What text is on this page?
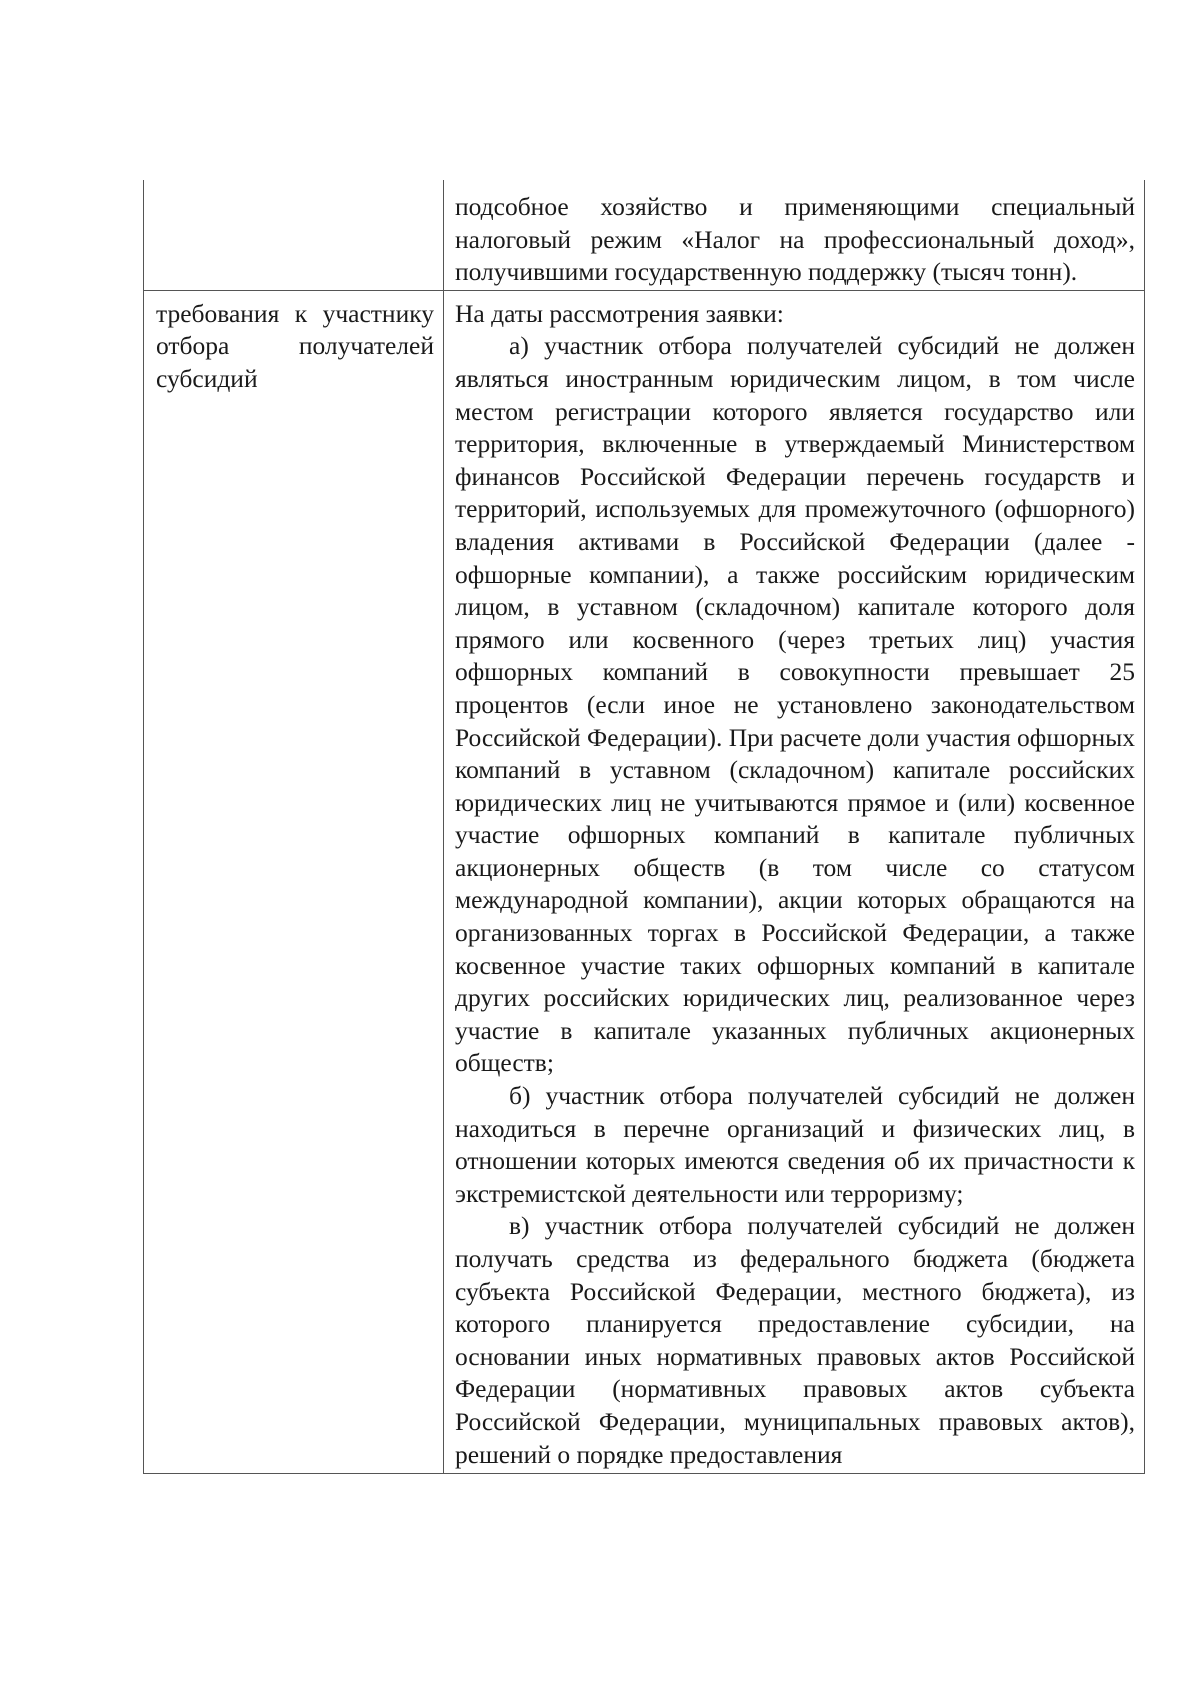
	подсобное хозяйство и применяющими специальный налоговый режим «Налог на профессиональный доход», получившими государственную поддержку (тысяч тонн).

требования к участнику отбора получателей субсидий	На даты рассмотрения заявки:

а) участник отбора получателей субсидий не должен являться иностранным юридическим лицом, в том числе местом регистрации которого является государство или территория, включенные в утверждаемый Министерством финансов Российской Федерации перечень государств и территорий, используемых для промежуточного (офшорного) владения активами в Российской Федерации (далее - офшорные компании), а также российским юридическим лицом, в уставном (складочном) капитале которого доля прямого или косвенного (через третьих лиц) участия офшорных компаний в совокупности превышает 25 процентов (если иное не установлено законодательством Российской Федерации). При расчете доли участия офшорных компаний в уставном (складочном) капитале российских юридических лиц не учитываются прямое и (или) косвенное участие офшорных компаний в капитале публичных акционерных обществ (в том числе со статусом международной компании), акции которых обращаются на организованных торгах в Российской Федерации, а также косвенное участие таких офшорных компаний в капитале других российских юридических лиц, реализованное через участие в капитале указанных публичных акционерных обществ;

б) участник отбора получателей субсидий не должен находиться в перечне организаций и физических лиц, в отношении которых имеются сведения об их причастности к экстремистской деятельности или терроризму;

в) участник отбора получателей субсидий не должен получать средства из федерального бюджета (бюджета субъекта Российской Федерации, местного бюджета), из которого планируется предоставление субсидии, на основании иных нормативных правовых актов Российской Федерации (нормативных правовых актов субъекта Российской Федерации, муниципальных правовых актов), решений о порядке предоставления
